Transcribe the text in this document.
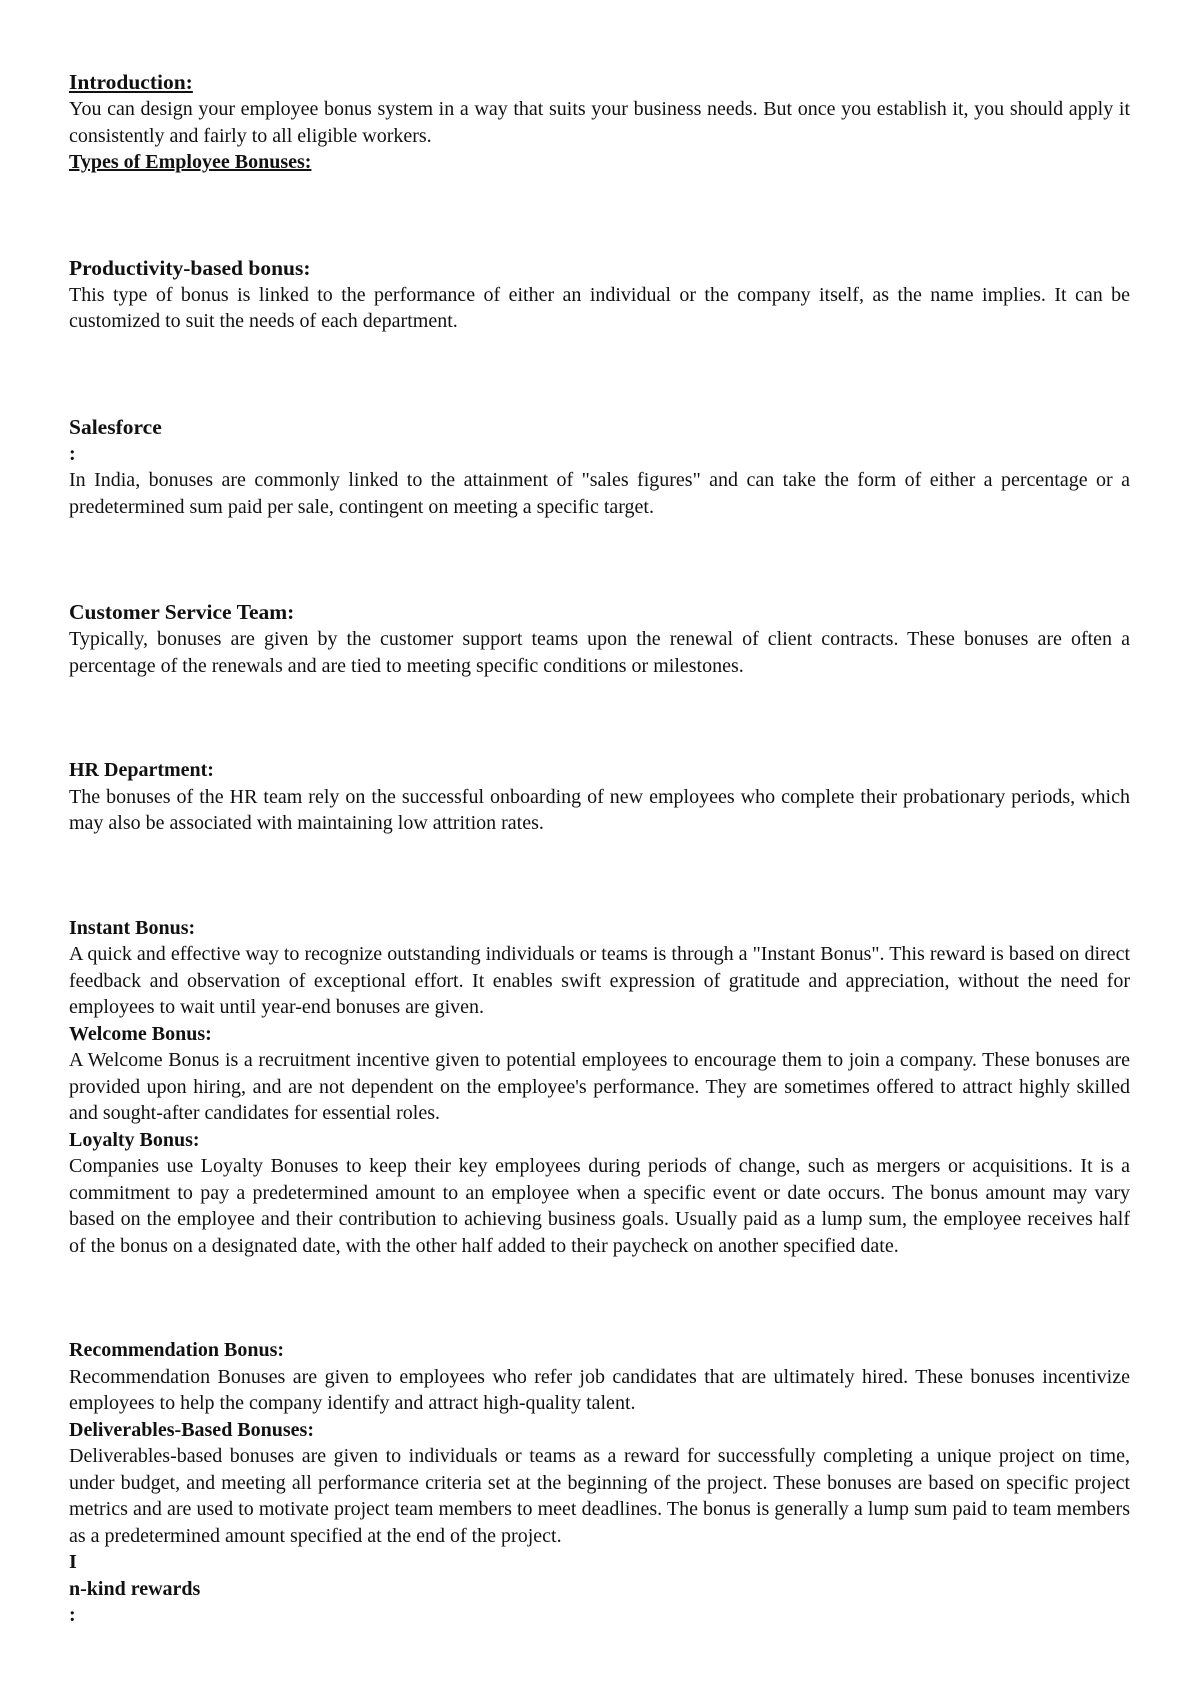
Introduction:

You can design your employee bonus system in a way that suits your business needs. But once you establish it, you should apply it consistently and fairly to all eligible workers.

Types of Employee Bonuses:
Productivity-based bonus:

This type of bonus is linked to the performance of either an individual or the company itself, as the name implies. It can be customized to suit the needs of each department.

Salesforce
:

In India, bonuses are commonly linked to the attainment of "sales figures" and can take the form of either a percentage or a predetermined sum paid per sale, contingent on meeting a specific target.

Customer Service Team:

Typically, bonuses are given by the customer support teams upon the renewal of client contracts. These bonuses are often a percentage of the renewals and are tied to meeting specific conditions or milestones.

HR Department:

The bonuses of the HR team rely on the successful onboarding of new employees who complete their probationary periods, which may also be associated with maintaining low attrition rates.

Instant Bonus:

A quick and effective way to recognize outstanding individuals or teams is through a "Instant Bonus". This reward is based on direct feedback and observation of exceptional effort. It enables swift expression of gratitude and appreciation, without the need for employees to wait until year-end bonuses are given.

Welcome Bonus:

A Welcome Bonus is a recruitment incentive given to potential employees to encourage them to join a company. These bonuses are provided upon hiring, and are not dependent on the employee's performance. They are sometimes offered to attract highly skilled and sought-after candidates for essential roles.

Loyalty Bonus:

Companies use Loyalty Bonuses to keep their key employees during periods of change, such as mergers or acquisitions. It is a commitment to pay a predetermined amount to an employee when a specific event or date occurs. The bonus amount may vary based on the employee and their contribution to achieving business goals. Usually paid as a lump sum, the employee receives half of the bonus on a designated date, with the other half added to their paycheck on another specified date.

Recommendation Bonus:

Recommendation Bonuses are given to employees who refer job candidates that are ultimately hired. These bonuses incentivize employees to help the company identify and attract high-quality talent.

Deliverables-Based Bonuses:

Deliverables-based bonuses are given to individuals or teams as a reward for successfully completing a unique project on time, under budget, and meeting all performance criteria set at the beginning of the project. These bonuses are based on specific project metrics and are used to motivate project team members to meet deadlines. The bonus is generally a lump sum paid to team members as a predetermined amount specified at the end of the project.

I
n-kind rewards
:
